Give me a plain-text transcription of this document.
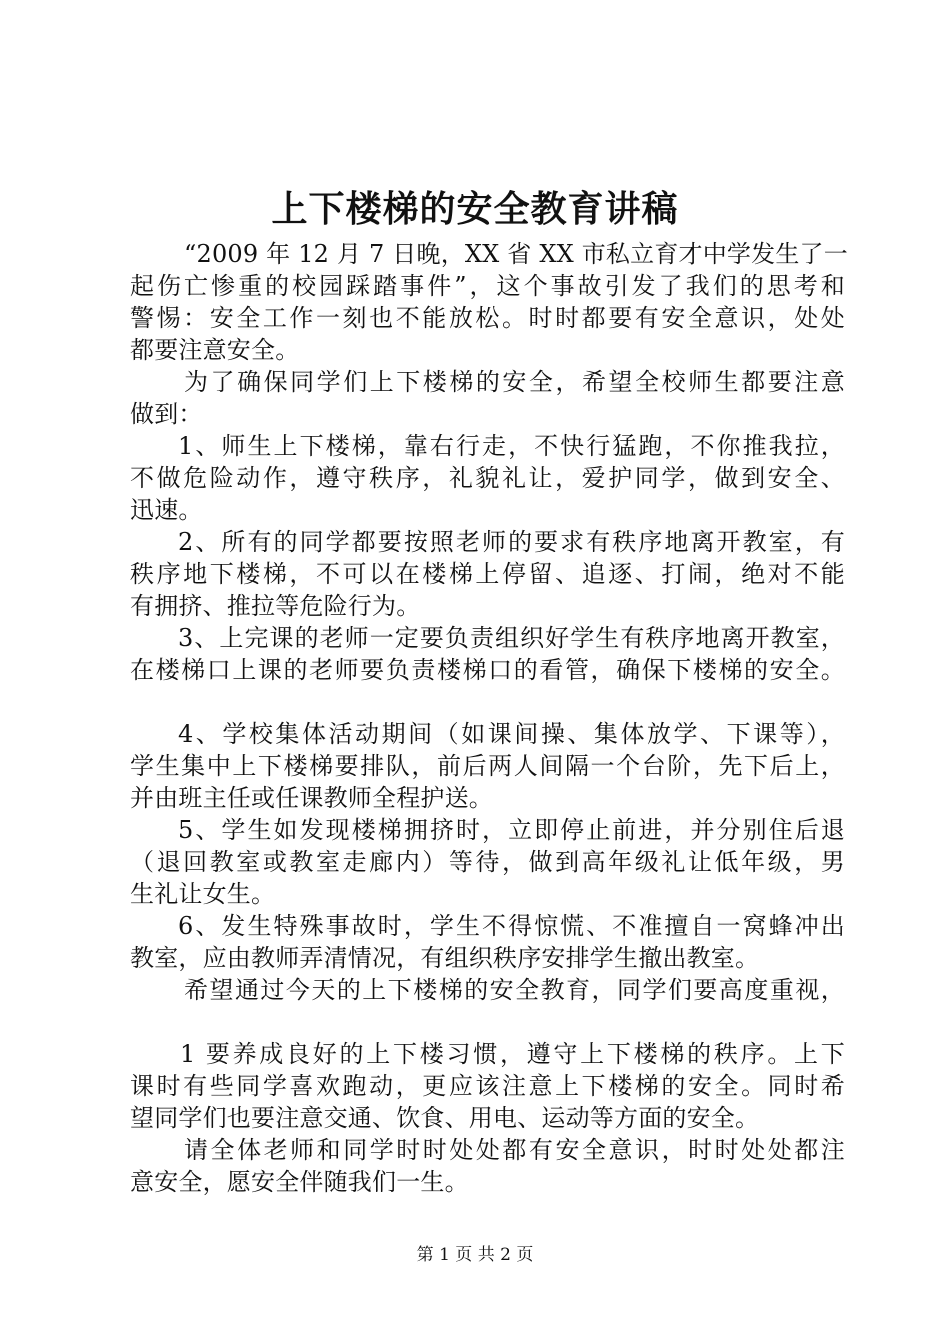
上下楼梯的安全教育讲稿
“2009 年 12 月 7 日晚，XX 省 XX 市私立育才中学发生了一
起伤亡惨重的校园踩踏事件”，这个事故引发了我们的思考和
警惕：安全工作一刻也不能放松。时时都要有安全意识，处处
都要注意安全。
为了确保同学们上下楼梯的安全，希望全校师生都要注意
做到：
1、师生上下楼梯，靠右行走，不快行猛跑，不你推我拉，
不做危险动作，遵守秩序，礼貌礼让，爱护同学，做到安全、
迅速。
2、所有的同学都要按照老师的要求有秩序地离开教室，有
秩序地下楼梯，不可以在楼梯上停留、追逐、打闹，绝对不能
有拥挤、推拉等危险行为。
3、上完课的老师一定要负责组织好学生有秩序地离开教室，
在楼梯口上课的老师要负责楼梯口的看管，确保下楼梯的安全。
4、学校集体活动期间（如课间操、集体放学、下课等），
学生集中上下楼梯要排队，前后两人间隔一个台阶，先下后上，
并由班主任或任课教师全程护送。
5、学生如发现楼梯拥挤时，立即停止前进，并分别住后退
（退回教室或教室走廊内）等待，做到高年级礼让低年级，男
生礼让女生。
6、发生特殊事故时，学生不得惊慌、不准擅自一窝蜂冲出
教室，应由教师弄清情况，有组织秩序安排学生撤出教室。
希望通过今天的上下楼梯的安全教育，同学们要高度重视，
1 要养成良好的上下楼习惯，遵守上下楼梯的秩序。上下
课时有些同学喜欢跑动，更应该注意上下楼梯的安全。同时希
望同学们也要注意交通、饮食、用电、运动等方面的安全。
请全体老师和同学时时处处都有安全意识，时时处处都注
意安全，愿安全伴随我们一生。
第 1 页 共 2 页
